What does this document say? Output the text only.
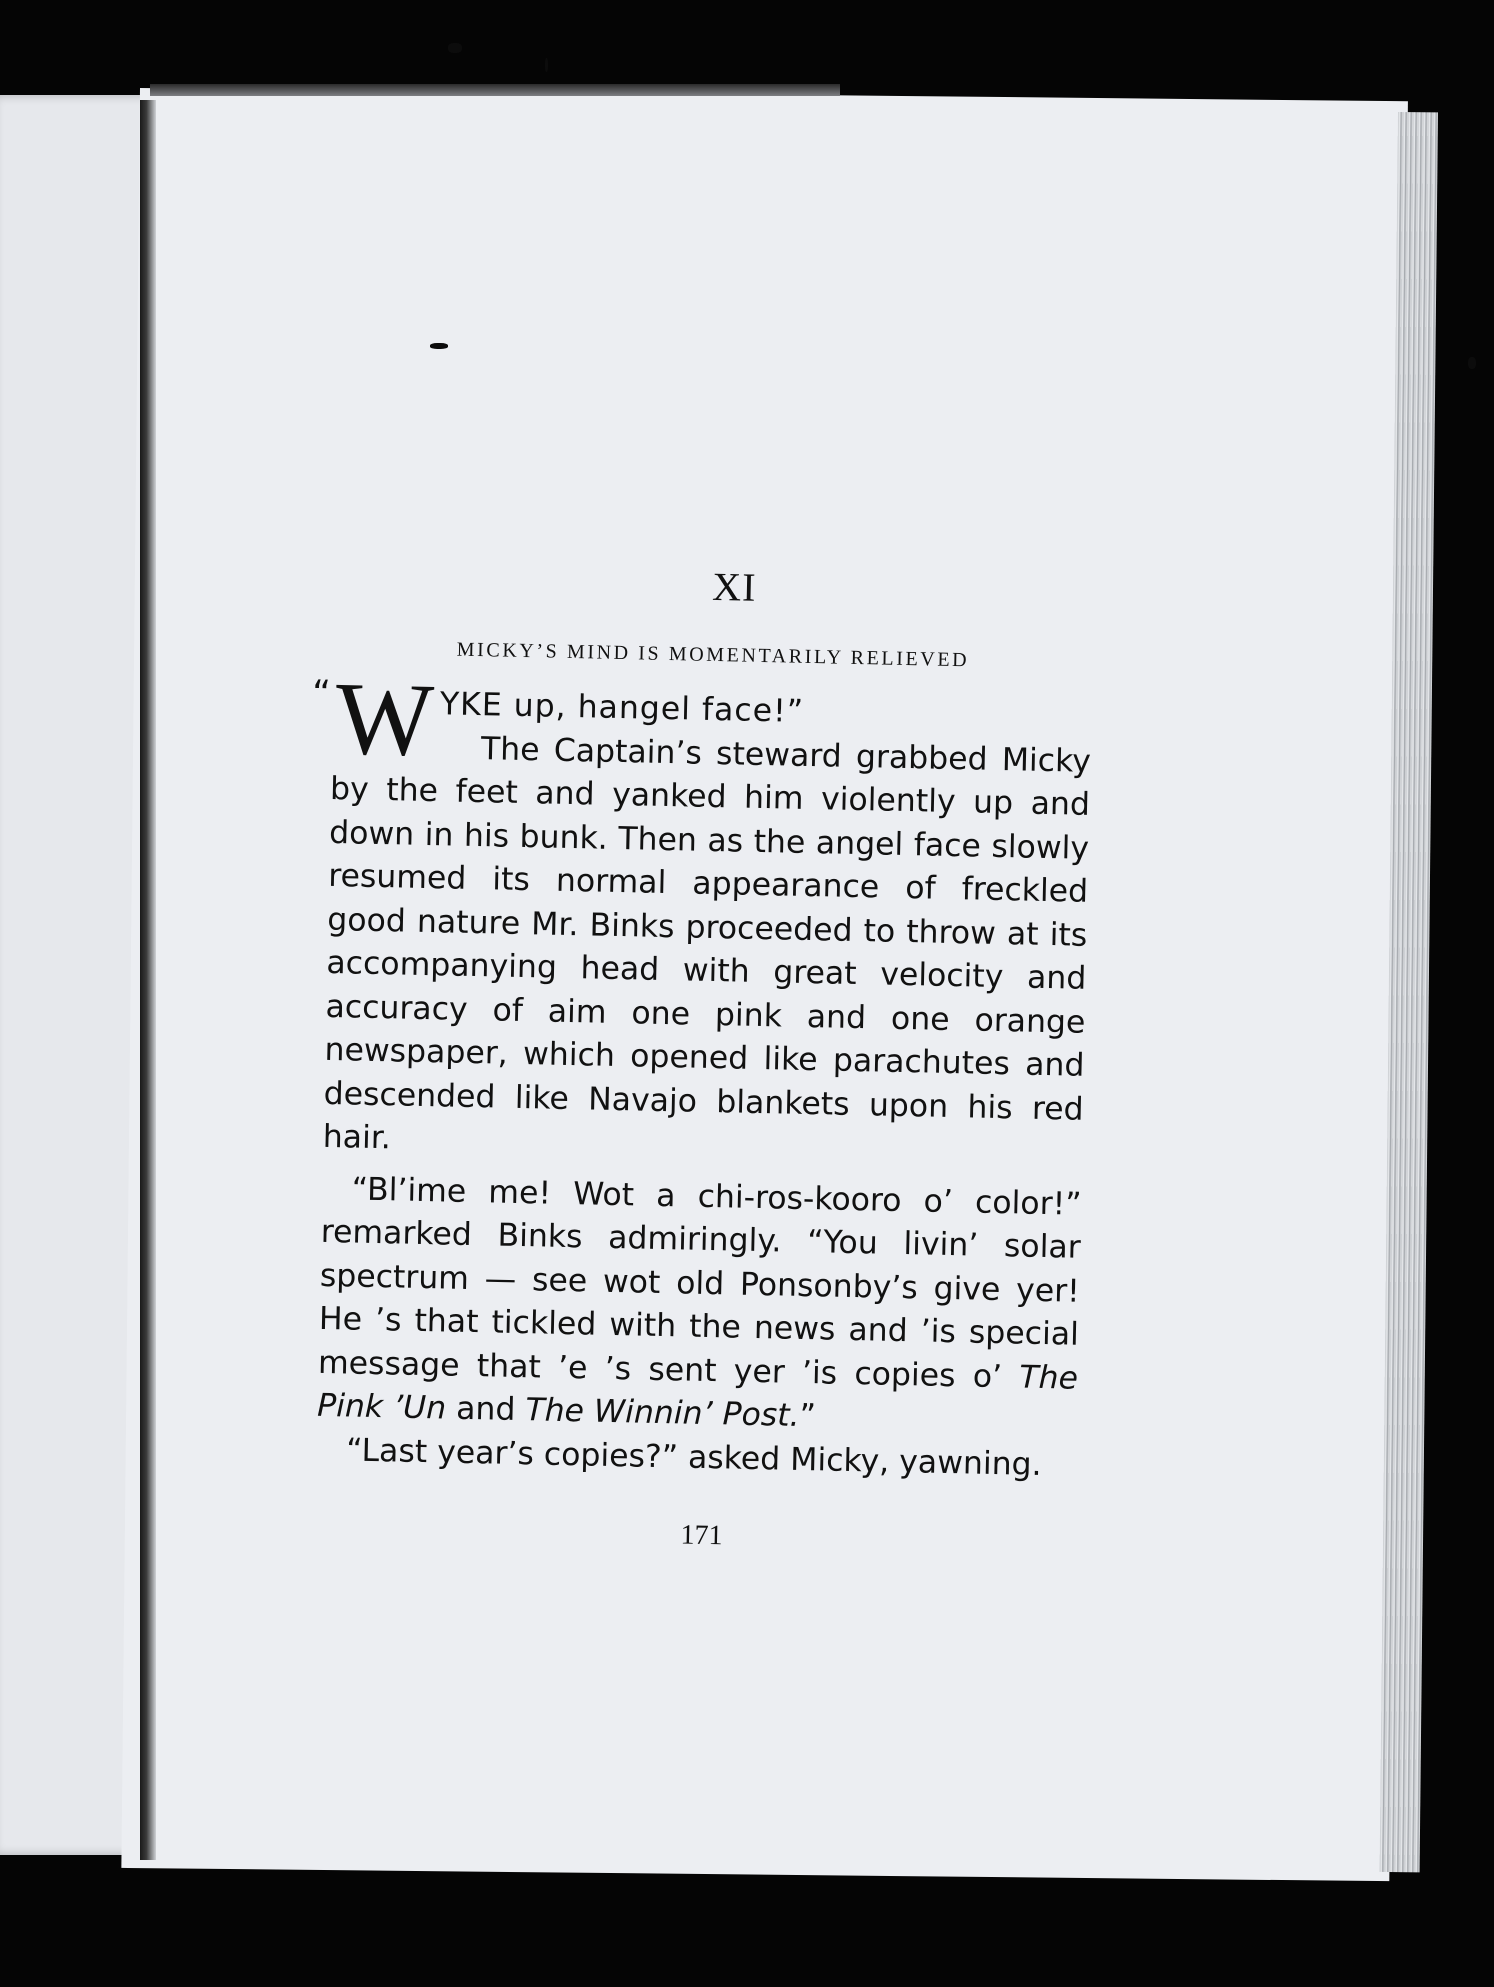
XI
MICKY’S MIND IS MOMENTARILY RELIEVED

“ W YKE up, hangel face!”
The Captain’s steward grabbed Micky by the feet and yanked him violently up and down in his bunk. Then as the angel face slowly resumed its normal appearance of freckled good nature Mr. Binks proceeded to throw at its accompanying head with great velocity and accuracy of aim one pink and one orange newspaper, which opened like parachutes and descended like Navajo blankets upon his red hair.

“Bl’ime me! Wot a chi-ros-kooro o’ color!” remarked Binks admiringly. “You livin’ solar spectrum — see wot old Ponsonby’s give yer! He ’s that tickled with the news and ’is special message that ’e ’s sent yer ’is copies o’ The Pink ’Un and The Winnin’ Post.”

“Last year’s copies?” asked Micky, yawning.

171
